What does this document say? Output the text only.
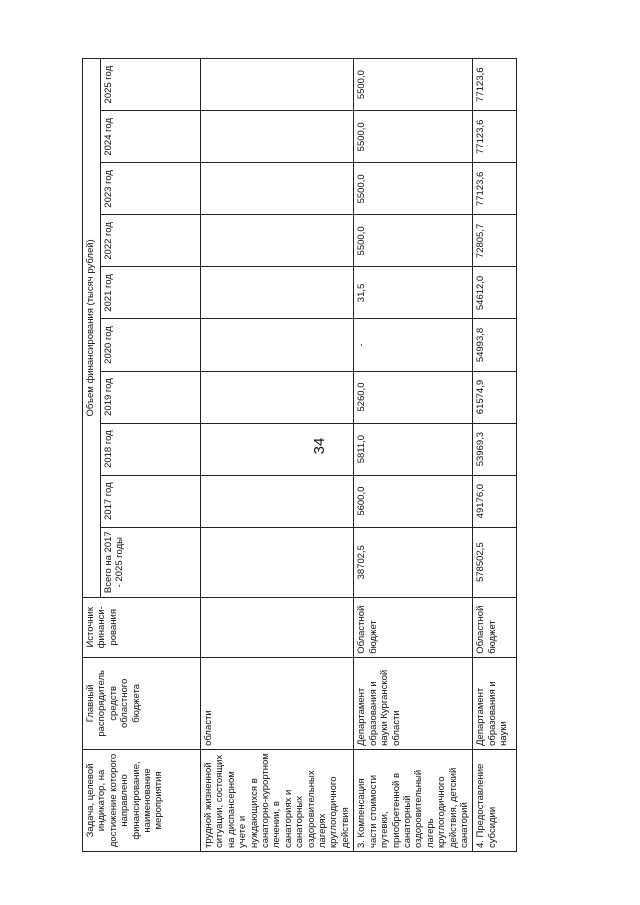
34
Задача, целевой индикатор, на достижение которого направлено финансирование, наименование мероприятия	Главный распорядитель средств областного бюджета	Источник финанси-рования	Объем финансирования (тысяч рублей)									
			Всего на 2017 - 2025 годы	2017 год	2018 год	2019 год	2020 год	2021 год	2022 год	2023 год	2024 год	2025 год
трудной жизненной ситуации, состоящих на диспансерном учете и нуждающихся в санаторно-курортном лечении, в санаториях и санаторных оздоровительных лагерях круглогодичного действия	области											
3. Компенсация части стоимости путевки, приобретенной в санаторный оздоровительный лагерь круглогодичного действия, детский санаторий	Департамент образования и науки Курганской области	Областной бюджет	38702,5	5600,0	5811,0	5260,0	-	31,5	5500,0	5500,0	5500,0	5500,0
4. Предоставление субсидии	Департамент образования и науки	Областной бюджет	578502,5	49176,0	53969,3	61574,9	54993,8	54612,0	72805,7	77123,6	77123,6	77123,6
